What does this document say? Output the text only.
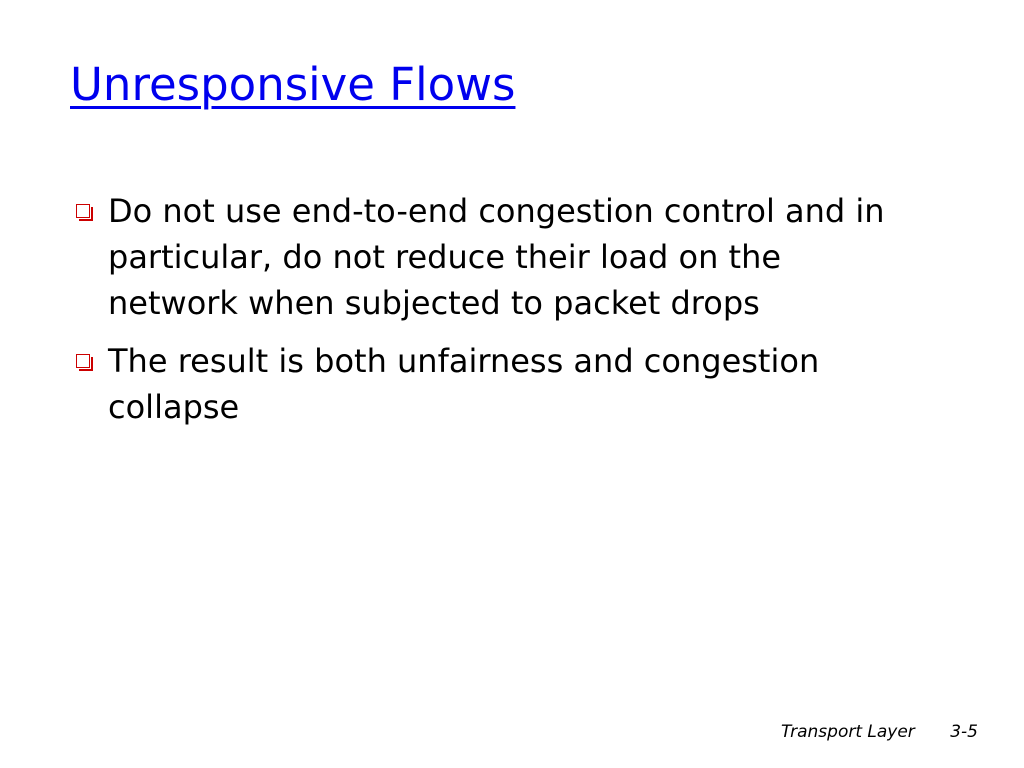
Unresponsive Flows
Do not use end-to-end congestion control and in particular, do not reduce their load on the network when subjected to packet drops
The result is both unfairness and congestion collapse
Transport Layer 3-5
